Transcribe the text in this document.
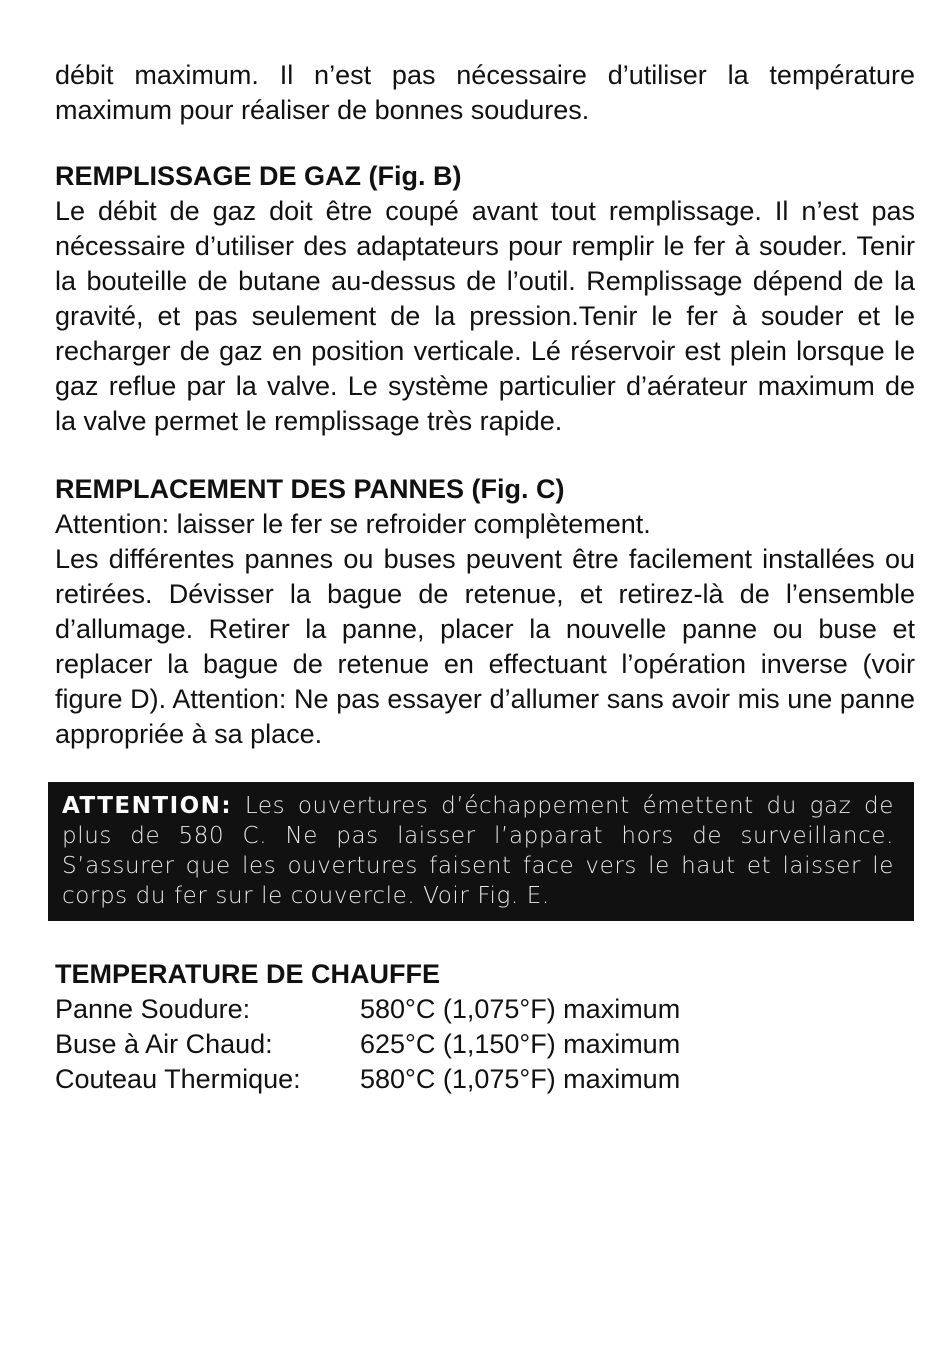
débit maximum. Il n’est pas nécessaire d’utiliser la température maximum pour réaliser de bonnes soudures.

REMPLISSAGE DE GAZ (Fig. B)

Le débit de gaz doit être coupé avant tout remplissage. Il n’est pas nécessaire d’utiliser des adaptateurs pour remplir le fer à souder. Tenir la bouteille de butane au-dessus de l’outil. Remplissage dépend de la gravité, et pas seulement de la pression.Tenir le fer à souder et le recharger de gaz en position verticale. Lé réservoir est plein lorsque le gaz reflue par la valve. Le système particulier d’aérateur maximum de la valve permet le remplissage très rapide.

REMPLACEMENT DES PANNES (Fig. C)

Attention: laisser le fer se refroider complètement.

Les différentes pannes ou buses peuvent être facilement installées ou retirées. Dévisser la bague de retenue, et retirez-là de l’ensemble d’allumage. Retirer la panne, placer la nouvelle panne ou buse et replacer la bague de retenue en effectuant l’opération inverse (voir figure D). Attention: Ne pas essayer d’allumer sans avoir mis une panne appropriée à sa place.

ATTENTION: Les ouvertures d’échappement émettent du gaz de plus de 580 C. Ne pas laisser l’apparat hors de surveillance. S’assurer que les ouvertures faisent face vers le haut et laisser le corps du fer sur le couvercle. Voir Fig. E.

TEMPERATURE DE CHAUFFE

Panne Soudure:	580°C (1,075°F) maximum
Buse à Air Chaud:	625°C (1,150°F) maximum
Couteau Thermique:	580°C (1,075°F) maximum
